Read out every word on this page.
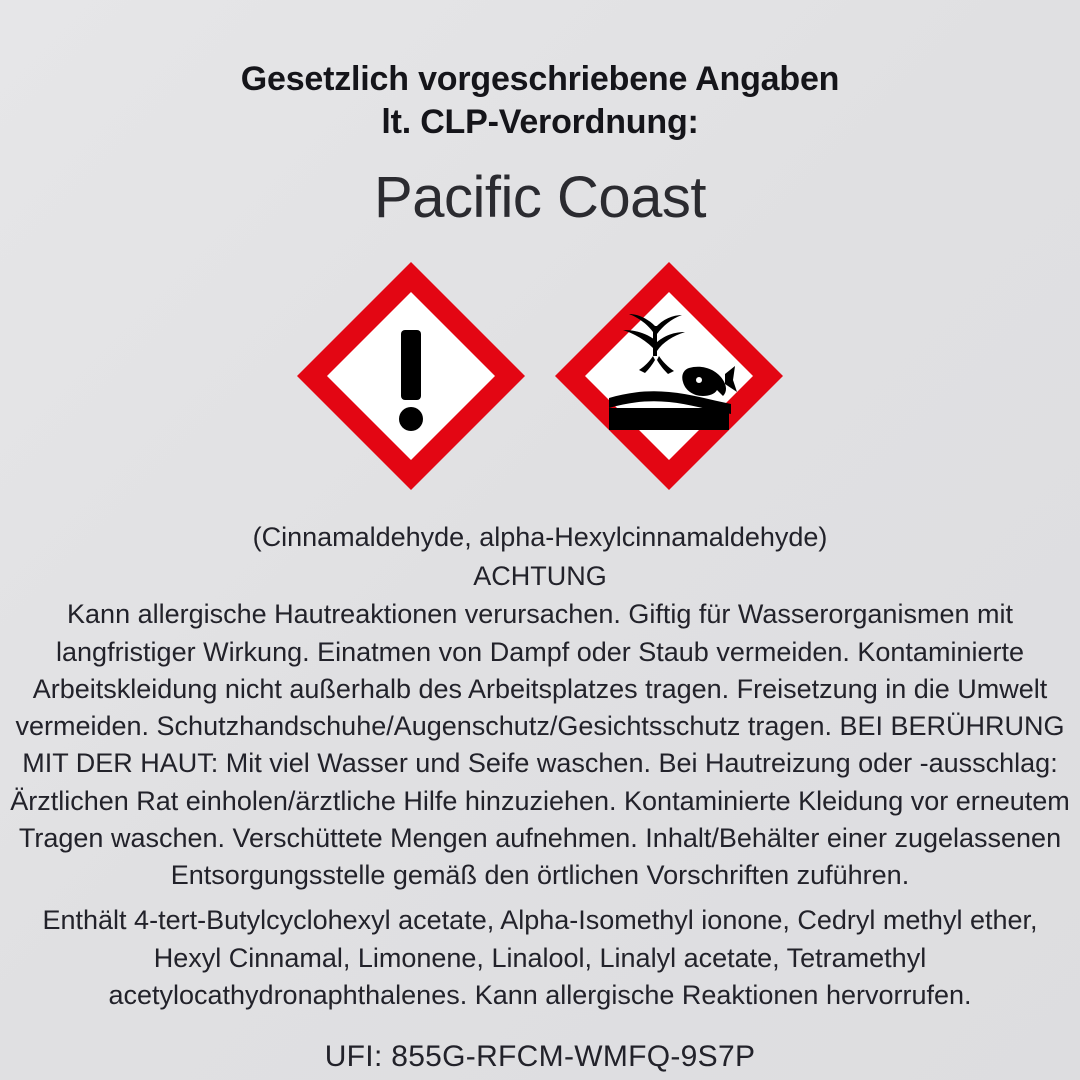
Gesetzlich vorgeschriebene Angaben
lt. CLP-Verordnung:
Pacific Coast
(Cinnamaldehyde, alpha-Hexylcinnamaldehyde)
ACHTUNG
Kann allergische Hautreaktionen verursachen. Giftig für Wasserorganismen mit langfristiger Wirkung. Einatmen von Dampf oder Staub vermeiden. Kontaminierte Arbeitskleidung nicht außerhalb des Arbeitsplatzes tragen. Freisetzung in die Umwelt vermeiden. Schutzhandschuhe/Augenschutz/Gesichtsschutz tragen. BEI BERÜHRUNG MIT DER HAUT: Mit viel Wasser und Seife waschen. Bei Hautreizung oder -ausschlag: Ärztlichen Rat einholen/ärztliche Hilfe hinzuziehen. Kontaminierte Kleidung vor erneutem Tragen waschen. Verschüttete Mengen aufnehmen. Inhalt/Behälter einer zugelassenen Entsorgungsstelle gemäß den örtlichen Vorschriften zuführen.
Enthält 4-tert-Butylcyclohexyl acetate, Alpha-Isomethyl ionone, Cedryl methyl ether, Hexyl Cinnamal, Limonene, Linalool, Linalyl acetate, Tetramethyl acetylocathydronaphthalenes. Kann allergische Reaktionen hervorrufen.
UFI: 855G-RFCM-WMFQ-9S7P
